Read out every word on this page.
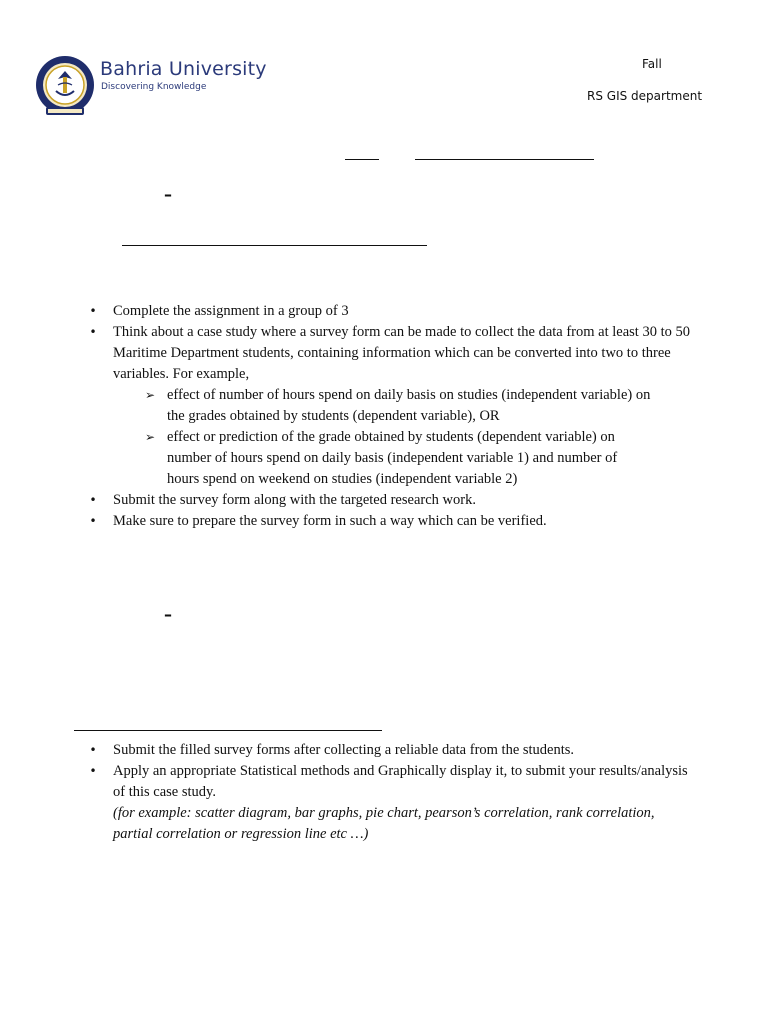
Bahria University
Discovering Knowledge
Fall
RS GIS department
–
• Complete the assignment in a group of 3
• Think about a case study where a survey form can be made to collect the data from at least 30 to 50 Maritime Department students, containing information which can be converted into two to three variables. For example,
➢ effect of number of hours spend on daily basis on studies (independent variable) on the grades obtained by students (dependent variable), OR
➢ effect or prediction of the grade obtained by students (dependent variable) on number of hours spend on daily basis (independent variable 1) and number of hours spend on weekend on studies (independent variable 2)
• Submit the survey form along with the targeted research work.
• Make sure to prepare the survey form in such a way which can be verified.
–
• Submit the filled survey forms after collecting a reliable data from the students.
• Apply an appropriate Statistical methods and Graphically display it, to submit your results/analysis of this case study.
(for example: scatter diagram, bar graphs, pie chart, pearson’s correlation, rank correlation, partial correlation or regression line etc …)
